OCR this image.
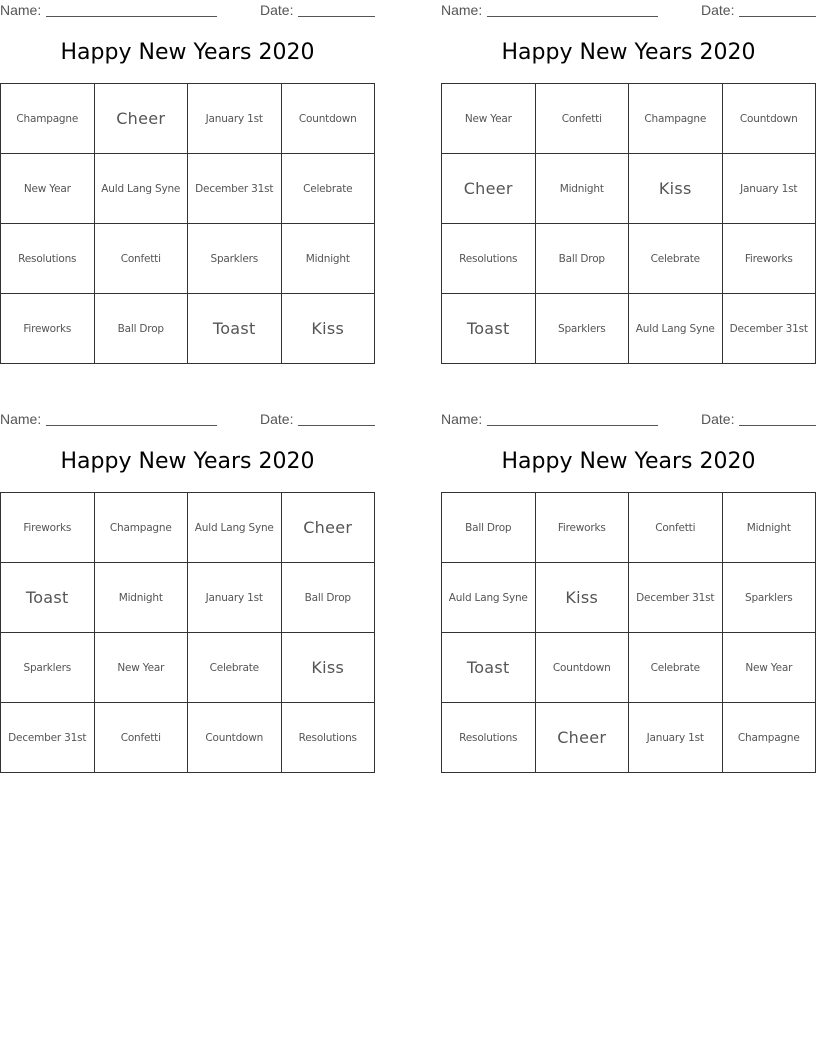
Name:	Date:
Happy New Years 2020
Champagne	Cheer	January 1st	Countdown
New Year	Auld Lang Syne	December 31st	Celebrate
Resolutions	Confetti	Sparklers	Midnight
Fireworks	Ball Drop	Toast	Kiss
Name:	Date:
Happy New Years 2020
New Year	Confetti	Champagne	Countdown
Cheer	Midnight	Kiss	January 1st
Resolutions	Ball Drop	Celebrate	Fireworks
Toast	Sparklers	Auld Lang Syne	December 31st
Name:	Date:
Happy New Years 2020
Fireworks	Champagne	Auld Lang Syne	Cheer
Toast	Midnight	January 1st	Ball Drop
Sparklers	New Year	Celebrate	Kiss
December 31st	Confetti	Countdown	Resolutions
Name:	Date:
Happy New Years 2020
Ball Drop	Fireworks	Confetti	Midnight
Auld Lang Syne	Kiss	December 31st	Sparklers
Toast	Countdown	Celebrate	New Year
Resolutions	Cheer	January 1st	Champagne
